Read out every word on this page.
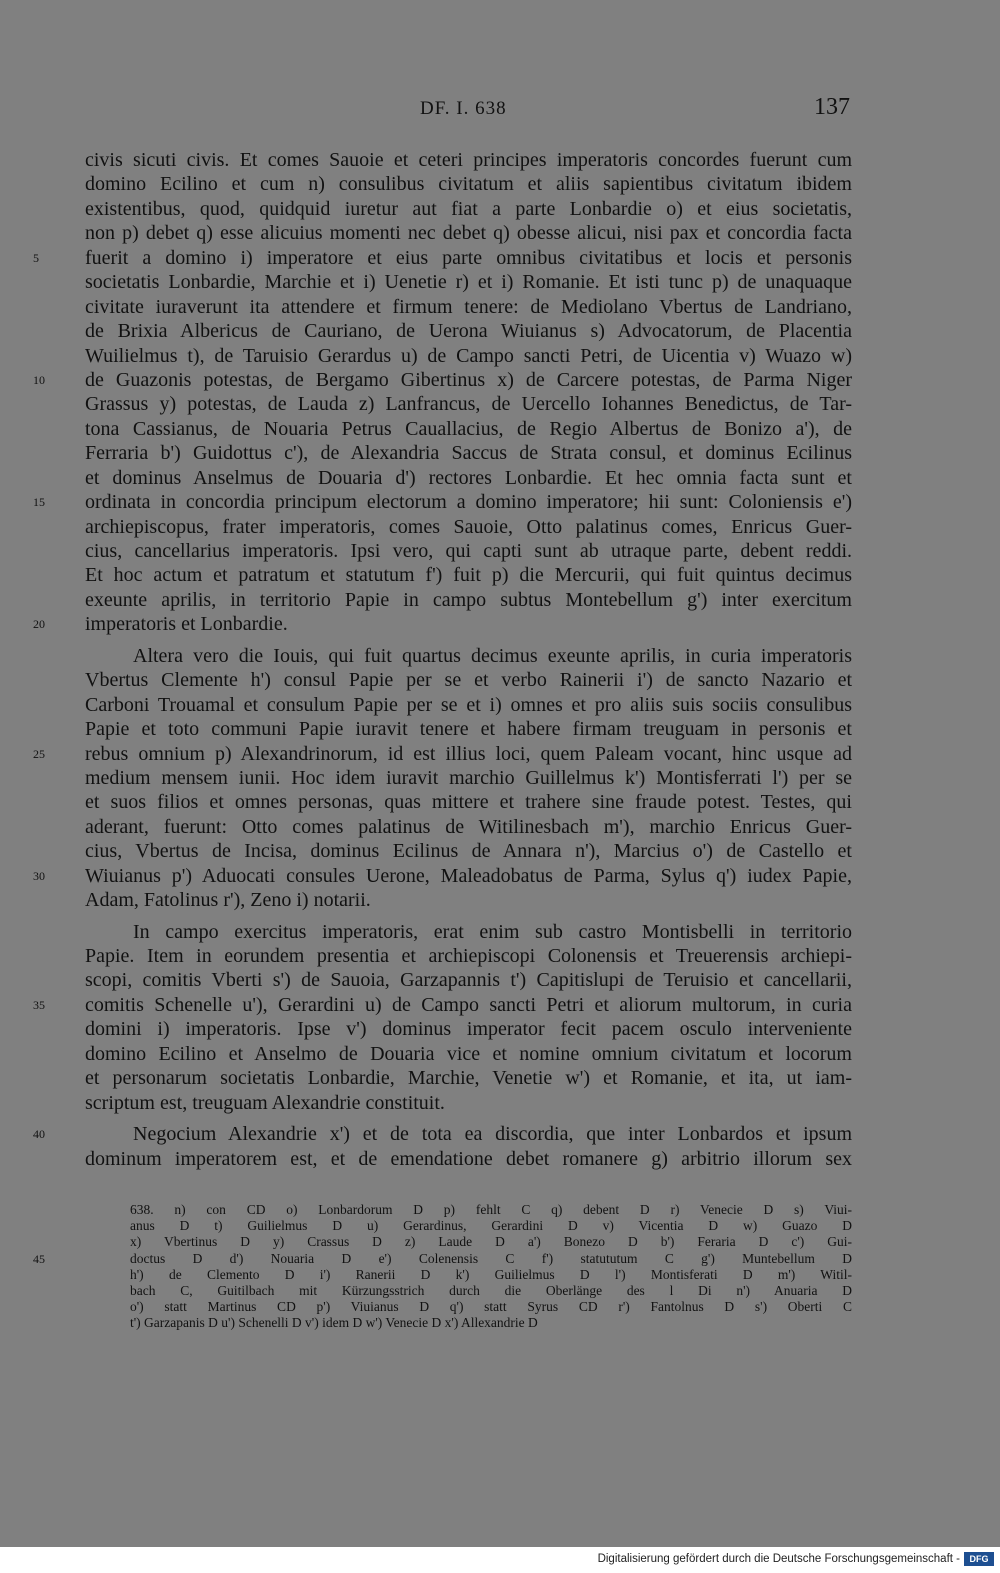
DF. I. 638	137
civis sicuti civis. Et comes Sauoie et ceteri principes imperatoris concordes fuerunt cum
domino Ecilino et cum n) consulibus civitatum et aliis sapientibus civitatum ibidem
existentibus, quod, quidquid iuretur aut fiat a parte Lonbardie o) et eius societatis,
non p) debet q) esse alicuius momenti nec debet q) obesse alicui, nisi pax et concordia facta
5	fuerit a domino i) imperatore et eius parte omnibus civitatibus et locis et personis
societatis Lonbardie, Marchie et i) Uenetie r) et i) Romanie. Et isti tunc p) de unaquaque
civitate iuraverunt ita attendere et firmum tenere: de Mediolano Vbertus de Landriano,
de Brixia Albericus de Cauriano, de Uerona Wiuianus s) Advocatorum, de Placentia
Wuilielmus t), de Taruisio Gerardus u) de Campo sancti Petri, de Uicentia v) Wuazo w)
10	de Guazonis potestas, de Bergamo Gibertinus x) de Carcere potestas, de Parma Niger
Grassus y) potestas, de Lauda z) Lanfrancus, de Uercello Iohannes Benedictus, de Tar-
tona Cassianus, de Nouaria Petrus Cauallacius, de Regio Albertus de Bonizo a'), de
Ferraria b') Guidottus c'), de Alexandria Saccus de Strata consul, et dominus Ecilinus
et dominus Anselmus de Douaria d') rectores Lonbardie. Et hec omnia facta sunt et
15	ordinata in concordia principum electorum a domino imperatore; hii sunt: Coloniensis e')
archiepiscopus, frater imperatoris, comes Sauoie, Otto palatinus comes, Enricus Guer-
cius, cancellarius imperatoris. Ipsi vero, qui capti sunt ab utraque parte, debent reddi.
Et hoc actum et patratum et statutum f') fuit p) die Mercurii, qui fuit quintus decimus
exeunte aprilis, in territorio Papie in campo subtus Montebellum g') inter exercitum
20	imperatoris et Lonbardie.
Altera vero die Iouis, qui fuit quartus decimus exeunte aprilis, in curia imperatoris
Vbertus Clemente h') consul Papie per se et verbo Rainerii i') de sancto Nazario et
Carboni Trouamal et consulum Papie per se et i) omnes et pro aliis suis sociis consulibus
Papie et toto communi Papie iuravit tenere et habere firmam treuguam in personis et
25	rebus omnium p) Alexandrinorum, id est illius loci, quem Paleam vocant, hinc usque ad
medium mensem iunii. Hoc idem iuravit marchio Guillelmus k') Montisferrati l') per se
et suos filios et omnes personas, quas mittere et trahere sine fraude potest. Testes, qui
aderant, fuerunt: Otto comes palatinus de Witilinesbach m'), marchio Enricus Guer-
cius, Vbertus de Incisa, dominus Ecilinus de Annara n'), Marcius o') de Castello et
30	Wiuianus p') Aduocati consules Uerone, Maleadobatus de Parma, Sylus q') iudex Papie,
Adam, Fatolinus r'), Zeno i) notarii.
In campo exercitus imperatoris, erat enim sub castro Montisbelli in territorio
Papie. Item in eorundem presentia et archiepiscopi Colonensis et Treuerensis archiepi-
scopi, comitis Vberti s') de Sauoia, Garzapannis t') Capitislupi de Teruisio et cancellarii,
35	comitis Schenelle u'), Gerardini u) de Campo sancti Petri et aliorum multorum, in curia
domini i) imperatoris. Ipse v') dominus imperator fecit pacem osculo interveniente
domino Ecilino et Anselmo de Douaria vice et nomine omnium civitatum et locorum
et personarum societatis Lonbardie, Marchie, Venetie w') et Romanie, et ita, ut iam-
scriptum est, treuguam Alexandrie constituit.
40	Negocium Alexandrie x') et de tota ea discordia, que inter Lonbardos et ipsum
dominum imperatorem est, et de emendatione debet romanere g) arbitrio illorum sex
638. n) con CD o) Lonbardorum D p) fehlt C q) debent D r) Venecie D s) Viui-
anus D t) Guilielmus D u) Gerardinus, Gerardini D v) Vicentia D w) Guazo D
x) Vbertinus D y) Crassus D z) Laude D a') Bonezo D b') Feraria D c') Gui-
45	doctus D d') Nouaria D e') Colenensis C f') statututum C g') Muntebellum D
h') de Clemento D i') Ranerii D k') Guilielmus D l') Montisferati D m') Witil-
bach C, Guitilbach mit Kürzungsstrich durch die Oberlänge des l Di n') Anuaria D
o') statt Martinus CD p') Viuianus D q') statt Syrus CD r') Fantolnus D s') Oberti C
t') Garzapanis D u') Schenelli D v') idem D w') Venecie D x') Allexandrie D
Digitalisierung gefördert durch die Deutsche Forschungsgemeinschaft -	DFG
